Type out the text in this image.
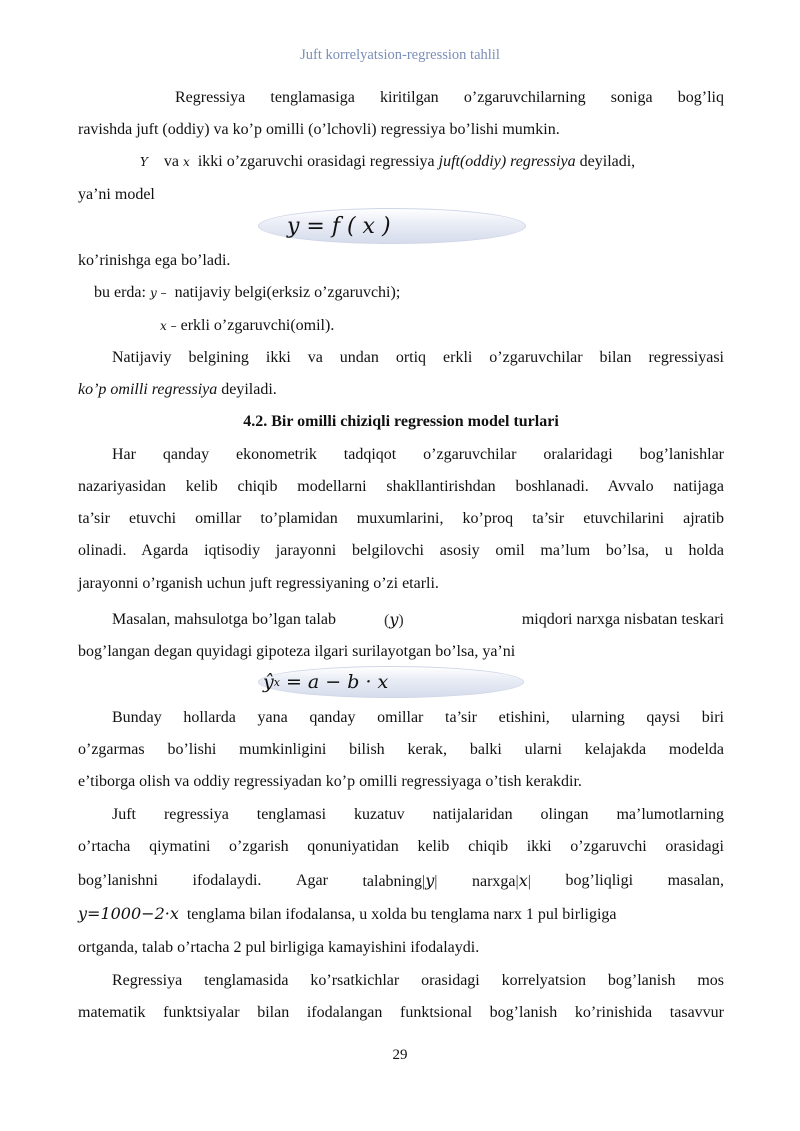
Juft korrelyatsion-regression tahlil
Regressiya tenglamasiga kiritilgan o’zgaruvchilarning soniga bog’liq
ravishda juft (oddiy) va ko’p omilli (o’lchovli) regressiya bo’lishi mumkin.
Y va x ikki o’zgaruvchi orasidagi regressiya juft(oddiy) regressiya deyiladi,
ya’ni model
y = f ( x )
ko’rinishga ega bo’ladi.
bu erda: y – natijaviy belgi(erksiz o’zgaruvchi);
x – erkli o’zgaruvchi(omil).
Natijaviy belgining ikki va undan ortiq erkli o’zgaruvchilar bilan regressiyasi
ko’p omilli regressiya deyiladi.
4.2. Bir omilli chiziqli regression model turlari
Har qanday ekonometrik tadqiqot o’zgaruvchilar oralaridagi bog’lanishlar
nazariyasidan kelib chiqib modellarni shakllantirishdan boshlanadi. Avvalo natijaga
ta’sir etuvchi omillar to’plamidan muxumlarini, ko’proq ta’sir etuvchilarini ajratib
olinadi. Agarda iqtisodiy jarayonni belgilovchi asosiy omil ma’lum bo’lsa, u holda
jarayonni o’rganish uchun juft regressiyaning o’zi etarli.
Masalan, mahsulotga bo’lgan talab	(y)	miqdori narxga nisbatan teskari
bog’langan degan quyidagi gipoteza ilgari surilayotgan bo’lsa, ya’ni
ŷ x = a − b · x
Bunday hollarda yana qanday omillar ta’sir etishini, ularning qaysi biri
o’zgarmas bo’lishi mumkinligini bilish kerak, balki ularni kelajakda modelda
e’tiborga olish va oddiy regressiyadan ko’p omilli regressiyaga o’tish kerakdir.
Juft regressiya tenglamasi kuzatuv natijalaridan olingan ma’lumotlarning
o’rtacha qiymatini o’zgarish qonuniyatidan kelib chiqib ikki o’zgaruvchi orasidagi
bog’lanishni ifodalaydi. Agar talabning|y| narxga|x| bog’liqligi masalan,
y=1000−2·x tenglama bilan ifodalansa, u xolda bu tenglama narx 1 pul birligiga
ortganda, talab o’rtacha 2 pul birligiga kamayishini ifodalaydi.
Regressiya tenglamasida ko’rsatkichlar orasidagi korrelyatsion bog’lanish mos
matematik funktsiyalar bilan ifodalangan funktsional bog’lanish ko’rinishida tasavvur
29
